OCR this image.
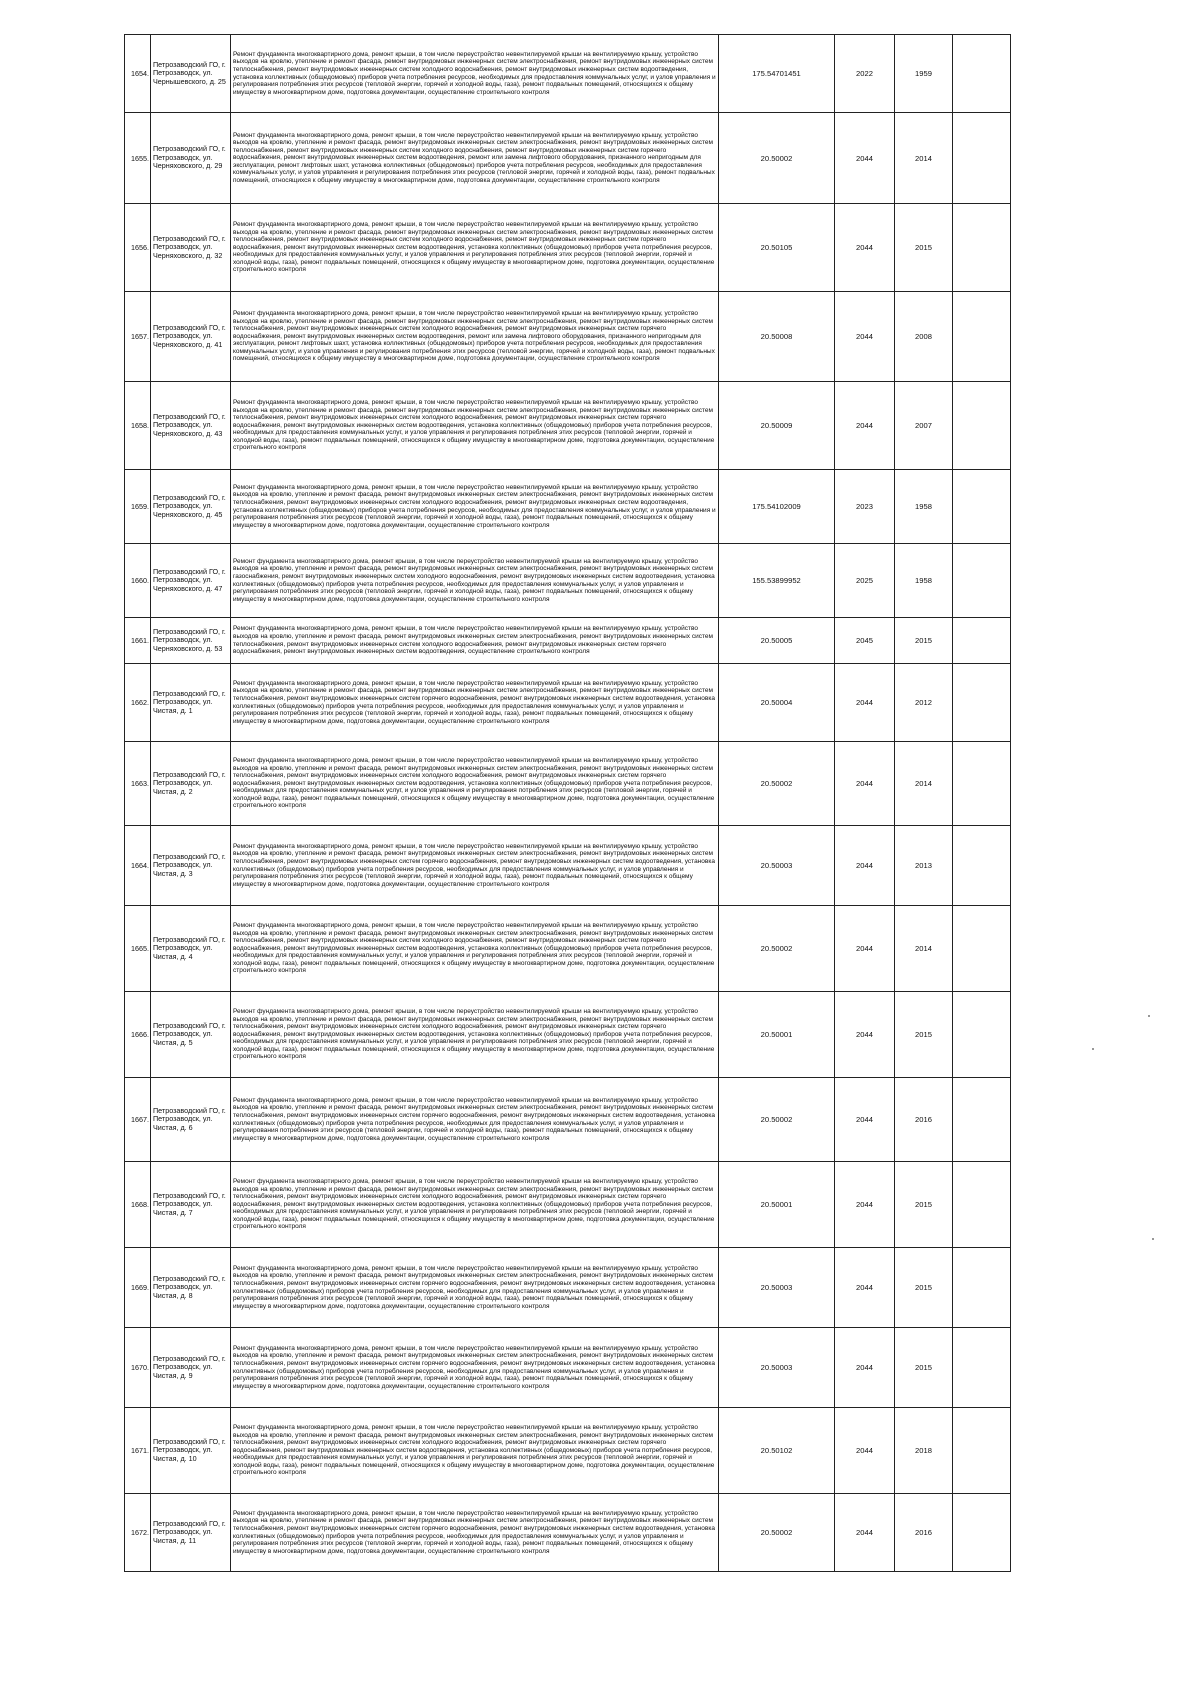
1654.	Петрозаводский ГО, г. Петрозаводск, ул. Чернышевского, д. 25	Ремонт фундамента многоквартирного дома, ремонт крыши, в том числе переустройство невентилируемой крыши на вентилируемую крышу, устройство выходов на кровлю, утепление и ремонт фасада, ремонт внутридомовых инженерных систем электроснабжения, ремонт внутридомовых инженерных систем теплоснабжения, ремонт внутридомовых инженерных систем холодного водоснабжения, ремонт внутридомовых инженерных систем водоотведения, установка коллективных (общедомовых) приборов учета потребления ресурсов, необходимых для предоставления коммунальных услуг, и узлов управления и регулирования потребления этих ресурсов (тепловой энергии, горячей и холодной воды, газа), ремонт подвальных помещений, относящихся к общему имуществу в многоквартирном доме, подготовка документации, осуществление строительного контроля	175.54701451	2022	1959		
1655.	Петрозаводский ГО, г. Петрозаводск, ул. Черняховского, д. 29	Ремонт фундамента многоквартирного дома, ремонт крыши, в том числе переустройство невентилируемой крыши на вентилируемую крышу, устройство выходов на кровлю, утепление и ремонт фасада, ремонт внутридомовых инженерных систем электроснабжения, ремонт внутридомовых инженерных систем теплоснабжения, ремонт внутридомовых инженерных систем холодного водоснабжения, ремонт внутридомовых инженерных систем горячего водоснабжения, ремонт внутридомовых инженерных систем водоотведения, ремонт или замена лифтового оборудования, признанного непригодным для эксплуатации, ремонт лифтовых шахт, установка коллективных (общедомовых) приборов учета потребления ресурсов, необходимых для предоставления коммунальных услуг, и узлов управления и регулирования потребления этих ресурсов (тепловой энергии, горячей и холодной воды, газа), ремонт подвальных помещений, относящихся к общему имуществу в многоквартирном доме, подготовка документации, осуществление строительного контроля	20.50002	2044	2014		
1656.	Петрозаводский ГО, г. Петрозаводск, ул. Черняховского, д. 32	Ремонт фундамента многоквартирного дома, ремонт крыши, в том числе переустройство невентилируемой крыши на вентилируемую крышу, устройство выходов на кровлю, утепление и ремонт фасада, ремонт внутридомовых инженерных систем электроснабжения, ремонт внутридомовых инженерных систем теплоснабжения, ремонт внутридомовых инженерных систем холодного водоснабжения, ремонт внутридомовых инженерных систем горячего водоснабжения, ремонт внутридомовых инженерных систем водоотведения, установка коллективных (общедомовых) приборов учета потребления ресурсов, необходимых для предоставления коммунальных услуг, и узлов управления и регулирования потребления этих ресурсов (тепловой энергии, горячей и холодной воды, газа), ремонт подвальных помещений, относящихся к общему имуществу в многоквартирном доме, подготовка документации, осуществление строительного контроля	20.50105	2044	2015		
1657.	Петрозаводский ГО, г. Петрозаводск, ул. Черняховского, д. 41	Ремонт фундамента многоквартирного дома, ремонт крыши, в том числе переустройство невентилируемой крыши на вентилируемую крышу, устройство выходов на кровлю, утепление и ремонт фасада, ремонт внутридомовых инженерных систем электроснабжения, ремонт внутридомовых инженерных систем теплоснабжения, ремонт внутридомовых инженерных систем холодного водоснабжения, ремонт внутридомовых инженерных систем горячего водоснабжения, ремонт внутридомовых инженерных систем водоотведения, ремонт или замена лифтового оборудования, признанного непригодным для эксплуатации, ремонт лифтовых шахт, установка коллективных (общедомовых) приборов учета потребления ресурсов, необходимых для предоставления коммунальных услуг, и узлов управления и регулирования потребления этих ресурсов (тепловой энергии, горячей и холодной воды, газа), ремонт подвальных помещений, относящихся к общему имуществу в многоквартирном доме, подготовка документации, осуществление строительного контроля	20.50008	2044	2008		
1658.	Петрозаводский ГО, г. Петрозаводск, ул. Черняховского, д. 43	Ремонт фундамента многоквартирного дома, ремонт крыши, в том числе переустройство невентилируемой крыши на вентилируемую крышу, устройство выходов на кровлю, утепление и ремонт фасада, ремонт внутридомовых инженерных систем электроснабжения, ремонт внутридомовых инженерных систем теплоснабжения, ремонт внутридомовых инженерных систем холодного водоснабжения, ремонт внутридомовых инженерных систем горячего водоснабжения, ремонт внутридомовых инженерных систем водоотведения, установка коллективных (общедомовых) приборов учета потребления ресурсов, необходимых для предоставления коммунальных услуг, и узлов управления и регулирования потребления этих ресурсов (тепловой энергии, горячей и холодной воды, газа), ремонт подвальных помещений, относящихся к общему имуществу в многоквартирном доме, подготовка документации, осуществление строительного контроля	20.50009	2044	2007		
1659.	Петрозаводский ГО, г. Петрозаводск, ул. Черняховского, д. 45	Ремонт фундамента многоквартирного дома, ремонт крыши, в том числе переустройство невентилируемой крыши на вентилируемую крышу, устройство выходов на кровлю, утепление и ремонт фасада, ремонт внутридомовых инженерных систем электроснабжения, ремонт внутридомовых инженерных систем теплоснабжения, ремонт внутридомовых инженерных систем холодного водоснабжения, ремонт внутридомовых инженерных систем водоотведения, установка коллективных (общедомовых) приборов учета потребления ресурсов, необходимых для предоставления коммунальных услуг, и узлов управления и регулирования потребления этих ресурсов (тепловой энергии, горячей и холодной воды, газа), ремонт подвальных помещений, относящихся к общему имуществу в многоквартирном доме, подготовка документации, осуществление строительного контроля	175.54102009	2023	1958		
1660.	Петрозаводский ГО, г. Петрозаводск, ул. Черняховского, д. 47	Ремонт фундамента многоквартирного дома, ремонт крыши, в том числе переустройство невентилируемой крыши на вентилируемую крышу, устройство выходов на кровлю, утепление и ремонт фасада, ремонт внутридомовых инженерных систем электроснабжения, ремонт внутридомовых инженерных систем газоснабжения, ремонт внутридомовых инженерных систем холодного водоснабжения, ремонт внутридомовых инженерных систем водоотведения, установка коллективных (общедомовых) приборов учета потребления ресурсов, необходимых для предоставления коммунальных услуг, и узлов управления и регулирования потребления этих ресурсов (тепловой энергии, горячей и холодной воды, газа), ремонт подвальных помещений, относящихся к общему имуществу в многоквартирном доме, подготовка документации, осуществление строительного контроля	155.53899952	2025	1958		
1661.	Петрозаводский ГО, г. Петрозаводск, ул. Черняховского, д. 53	Ремонт фундамента многоквартирного дома, ремонт крыши, в том числе переустройство невентилируемой крыши на вентилируемую крышу, устройство выходов на кровлю, утепление и ремонт фасада, ремонт внутридомовых инженерных систем электроснабжения, ремонт внутридомовых инженерных систем теплоснабжения, ремонт внутридомовых инженерных систем холодного водоснабжения, ремонт внутридомовых инженерных систем горячего водоснабжения, ремонт внутридомовых инженерных систем водоотведения, осуществление строительного контроля	20.50005	2045	2015		
1662.	Петрозаводский ГО, г. Петрозаводск, ул. Чистая, д. 1	Ремонт фундамента многоквартирного дома, ремонт крыши, в том числе переустройство невентилируемой крыши на вентилируемую крышу, устройство выходов на кровлю, утепление и ремонт фасада, ремонт внутридомовых инженерных систем электроснабжения, ремонт внутридомовых инженерных систем теплоснабжения, ремонт внутридомовых инженерных систем горячего водоснабжения, ремонт внутридомовых инженерных систем водоотведения, установка коллективных (общедомовых) приборов учета потребления ресурсов, необходимых для предоставления коммунальных услуг, и узлов управления и регулирования потребления этих ресурсов (тепловой энергии, горячей и холодной воды, газа), ремонт подвальных помещений, относящихся к общему имуществу в многоквартирном доме, подготовка документации, осуществление строительного контроля	20.50004	2044	2012		
1663.	Петрозаводский ГО, г. Петрозаводск, ул. Чистая, д. 2	Ремонт фундамента многоквартирного дома, ремонт крыши, в том числе переустройство невентилируемой крыши на вентилируемую крышу, устройство выходов на кровлю, утепление и ремонт фасада, ремонт внутридомовых инженерных систем электроснабжения, ремонт внутридомовых инженерных систем теплоснабжения, ремонт внутридомовых инженерных систем холодного водоснабжения, ремонт внутридомовых инженерных систем горячего водоснабжения, ремонт внутридомовых инженерных систем водоотведения, установка коллективных (общедомовых) приборов учета потребления ресурсов, необходимых для предоставления коммунальных услуг, и узлов управления и регулирования потребления этих ресурсов (тепловой энергии, горячей и холодной воды, газа), ремонт подвальных помещений, относящихся к общему имуществу в многоквартирном доме, подготовка документации, осуществление строительного контроля	20.50002	2044	2014		
1664.	Петрозаводский ГО, г. Петрозаводск, ул. Чистая, д. 3	Ремонт фундамента многоквартирного дома, ремонт крыши, в том числе переустройство невентилируемой крыши на вентилируемую крышу, устройство выходов на кровлю, утепление и ремонт фасада, ремонт внутридомовых инженерных систем электроснабжения, ремонт внутридомовых инженерных систем теплоснабжения, ремонт внутридомовых инженерных систем горячего водоснабжения, ремонт внутридомовых инженерных систем водоотведения, установка коллективных (общедомовых) приборов учета потребления ресурсов, необходимых для предоставления коммунальных услуг, и узлов управления и регулирования потребления этих ресурсов (тепловой энергии, горячей и холодной воды, газа), ремонт подвальных помещений, относящихся к общему имуществу в многоквартирном доме, подготовка документации, осуществление строительного контроля	20.50003	2044	2013		
1665.	Петрозаводский ГО, г. Петрозаводск, ул. Чистая, д. 4	Ремонт фундамента многоквартирного дома, ремонт крыши, в том числе переустройство невентилируемой крыши на вентилируемую крышу, устройство выходов на кровлю, утепление и ремонт фасада, ремонт внутридомовых инженерных систем электроснабжения, ремонт внутридомовых инженерных систем теплоснабжения, ремонт внутридомовых инженерных систем холодного водоснабжения, ремонт внутридомовых инженерных систем горячего водоснабжения, ремонт внутридомовых инженерных систем водоотведения, установка коллективных (общедомовых) приборов учета потребления ресурсов, необходимых для предоставления коммунальных услуг, и узлов управления и регулирования потребления этих ресурсов (тепловой энергии, горячей и холодной воды, газа), ремонт подвальных помещений, относящихся к общему имуществу в многоквартирном доме, подготовка документации, осуществление строительного контроля	20.50002	2044	2014		
1666.	Петрозаводский ГО, г. Петрозаводск, ул. Чистая, д. 5	Ремонт фундамента многоквартирного дома, ремонт крыши, в том числе переустройство невентилируемой крыши на вентилируемую крышу, устройство выходов на кровлю, утепление и ремонт фасада, ремонт внутридомовых инженерных систем электроснабжения, ремонт внутридомовых инженерных систем теплоснабжения, ремонт внутридомовых инженерных систем холодного водоснабжения, ремонт внутридомовых инженерных систем горячего водоснабжения, ремонт внутридомовых инженерных систем водоотведения, установка коллективных (общедомовых) приборов учета потребления ресурсов, необходимых для предоставления коммунальных услуг, и узлов управления и регулирования потребления этих ресурсов (тепловой энергии, горячей и холодной воды, газа), ремонт подвальных помещений, относящихся к общему имуществу в многоквартирном доме, подготовка документации, осуществление строительного контроля	20.50001	2044	2015		
1667.	Петрозаводский ГО, г. Петрозаводск, ул. Чистая, д. 6	Ремонт фундамента многоквартирного дома, ремонт крыши, в том числе переустройство невентилируемой крыши на вентилируемую крышу, устройство выходов на кровлю, утепление и ремонт фасада, ремонт внутридомовых инженерных систем электроснабжения, ремонт внутридомовых инженерных систем теплоснабжения, ремонт внутридомовых инженерных систем горячего водоснабжения, ремонт внутридомовых инженерных систем водоотведения, установка коллективных (общедомовых) приборов учета потребления ресурсов, необходимых для предоставления коммунальных услуг, и узлов управления и регулирования потребления этих ресурсов (тепловой энергии, горячей и холодной воды, газа), ремонт подвальных помещений, относящихся к общему имуществу в многоквартирном доме, подготовка документации, осуществление строительного контроля	20.50002	2044	2016		
1668.	Петрозаводский ГО, г. Петрозаводск, ул. Чистая, д. 7	Ремонт фундамента многоквартирного дома, ремонт крыши, в том числе переустройство невентилируемой крыши на вентилируемую крышу, устройство выходов на кровлю, утепление и ремонт фасада, ремонт внутридомовых инженерных систем электроснабжения, ремонт внутридомовых инженерных систем теплоснабжения, ремонт внутридомовых инженерных систем холодного водоснабжения, ремонт внутридомовых инженерных систем горячего водоснабжения, ремонт внутридомовых инженерных систем водоотведения, установка коллективных (общедомовых) приборов учета потребления ресурсов, необходимых для предоставления коммунальных услуг, и узлов управления и регулирования потребления этих ресурсов (тепловой энергии, горячей и холодной воды, газа), ремонт подвальных помещений, относящихся к общему имуществу в многоквартирном доме, подготовка документации, осуществление строительного контроля	20.50001	2044	2015		
1669.	Петрозаводский ГО, г. Петрозаводск, ул. Чистая, д. 8	Ремонт фундамента многоквартирного дома, ремонт крыши, в том числе переустройство невентилируемой крыши на вентилируемую крышу, устройство выходов на кровлю, утепление и ремонт фасада, ремонт внутридомовых инженерных систем электроснабжения, ремонт внутридомовых инженерных систем теплоснабжения, ремонт внутридомовых инженерных систем горячего водоснабжения, ремонт внутридомовых инженерных систем водоотведения, установка коллективных (общедомовых) приборов учета потребления ресурсов, необходимых для предоставления коммунальных услуг, и узлов управления и регулирования потребления этих ресурсов (тепловой энергии, горячей и холодной воды, газа), ремонт подвальных помещений, относящихся к общему имуществу в многоквартирном доме, подготовка документации, осуществление строительного контроля	20.50003	2044	2015		
1670.	Петрозаводский ГО, г. Петрозаводск, ул. Чистая, д. 9	Ремонт фундамента многоквартирного дома, ремонт крыши, в том числе переустройство невентилируемой крыши на вентилируемую крышу, устройство выходов на кровлю, утепление и ремонт фасада, ремонт внутридомовых инженерных систем электроснабжения, ремонт внутридомовых инженерных систем теплоснабжения, ремонт внутридомовых инженерных систем горячего водоснабжения, ремонт внутридомовых инженерных систем водоотведения, установка коллективных (общедомовых) приборов учета потребления ресурсов, необходимых для предоставления коммунальных услуг, и узлов управления и регулирования потребления этих ресурсов (тепловой энергии, горячей и холодной воды, газа), ремонт подвальных помещений, относящихся к общему имуществу в многоквартирном доме, подготовка документации, осуществление строительного контроля	20.50003	2044	2015		
1671.	Петрозаводский ГО, г. Петрозаводск, ул. Чистая, д. 10	Ремонт фундамента многоквартирного дома, ремонт крыши, в том числе переустройство невентилируемой крыши на вентилируемую крышу, устройство выходов на кровлю, утепление и ремонт фасада, ремонт внутридомовых инженерных систем электроснабжения, ремонт внутридомовых инженерных систем теплоснабжения, ремонт внутридомовых инженерных систем холодного водоснабжения, ремонт внутридомовых инженерных систем горячего водоснабжения, ремонт внутридомовых инженерных систем водоотведения, установка коллективных (общедомовых) приборов учета потребления ресурсов, необходимых для предоставления коммунальных услуг, и узлов управления и регулирования потребления этих ресурсов (тепловой энергии, горячей и холодной воды, газа), ремонт подвальных помещений, относящихся к общему имуществу в многоквартирном доме, подготовка документации, осуществление строительного контроля	20.50102	2044	2018		
1672.	Петрозаводский ГО, г. Петрозаводск, ул. Чистая, д. 11	Ремонт фундамента многоквартирного дома, ремонт крыши, в том числе переустройство невентилируемой крыши на вентилируемую крышу, устройство выходов на кровлю, утепление и ремонт фасада, ремонт внутридомовых инженерных систем электроснабжения, ремонт внутридомовых инженерных систем теплоснабжения, ремонт внутридомовых инженерных систем горячего водоснабжения, ремонт внутридомовых инженерных систем водоотведения, установка коллективных (общедомовых) приборов учета потребления ресурсов, необходимых для предоставления коммунальных услуг, и узлов управления и регулирования потребления этих ресурсов (тепловой энергии, горячей и холодной воды, газа), ремонт подвальных помещений, относящихся к общему имуществу в многоквартирном доме, подготовка документации, осуществление строительного контроля	20.50002	2044	2016		
